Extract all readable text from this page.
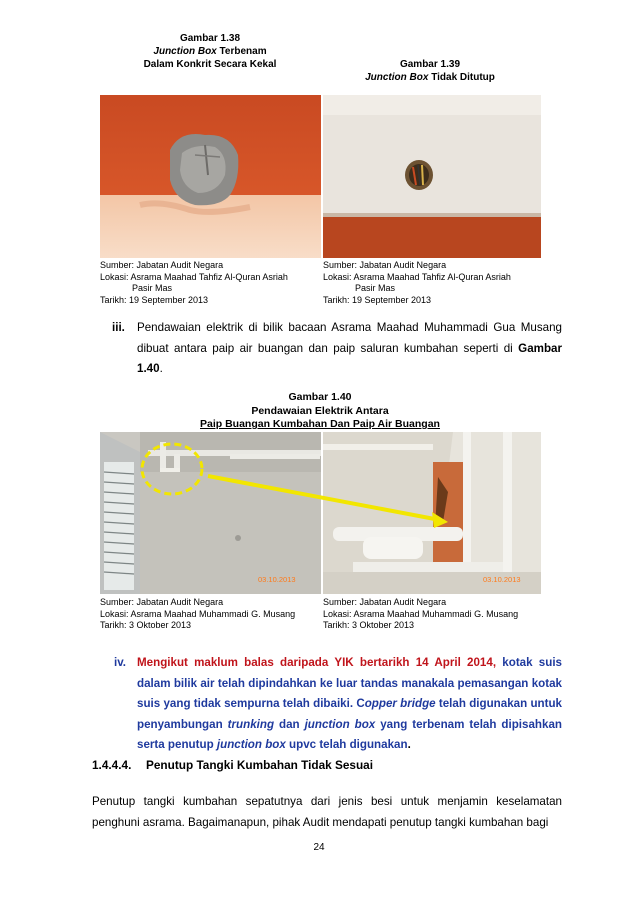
Gambar 1.38
Junction Box Terbenam
Dalam Konkrit Secara Kekal	Gambar 1.39
Junction Box Tidak Ditutup
Sumber: Jabatan Audit Negara
Lokasi: Asrama Maahad Tahfiz Al-Quran Asriah
Pasir Mas
Tarikh: 19 September 2013
Sumber: Jabatan Audit Negara
Lokasi: Asrama Maahad Tahfiz Al-Quran Asriah
Pasir Mas
Tarikh: 19 September 2013
iii.	Pendawaian elektrik di bilik bacaan Asrama Maahad Muhammadi Gua Musang dibuat antara paip air buangan dan paip saluran kumbahan seperti di Gambar 1.40.
Gambar 1.40
Pendawaian Elektrik Antara
Paip Buangan Kumbahan Dan Paip Air Buangan
03.10.2013	03.10.2013
Sumber: Jabatan Audit Negara
Lokasi: Asrama Maahad Muhammadi G. Musang
Tarikh: 3 Oktober 2013
Sumber: Jabatan Audit Negara
Lokasi: Asrama Maahad Muhammadi G. Musang
Tarikh: 3 Oktober 2013
iv. Mengikut maklum balas daripada YIK bertarikh 14 April 2014, kotak suis dalam bilik air telah dipindahkan ke luar tandas manakala pemasangan kotak suis yang tidak sempurna telah dibaiki. Copper bridge telah digunakan untuk penyambungan trunking dan junction box yang terbenam telah dipisahkan serta penutup junction box upvc telah digunakan.
1.4.4.4. Penutup Tangki Kumbahan Tidak Sesuai
Penutup tangki kumbahan sepatutnya dari jenis besi untuk menjamin keselamatan penghuni asrama. Bagaimanapun, pihak Audit mendapati penutup tangki kumbahan bagi
24
